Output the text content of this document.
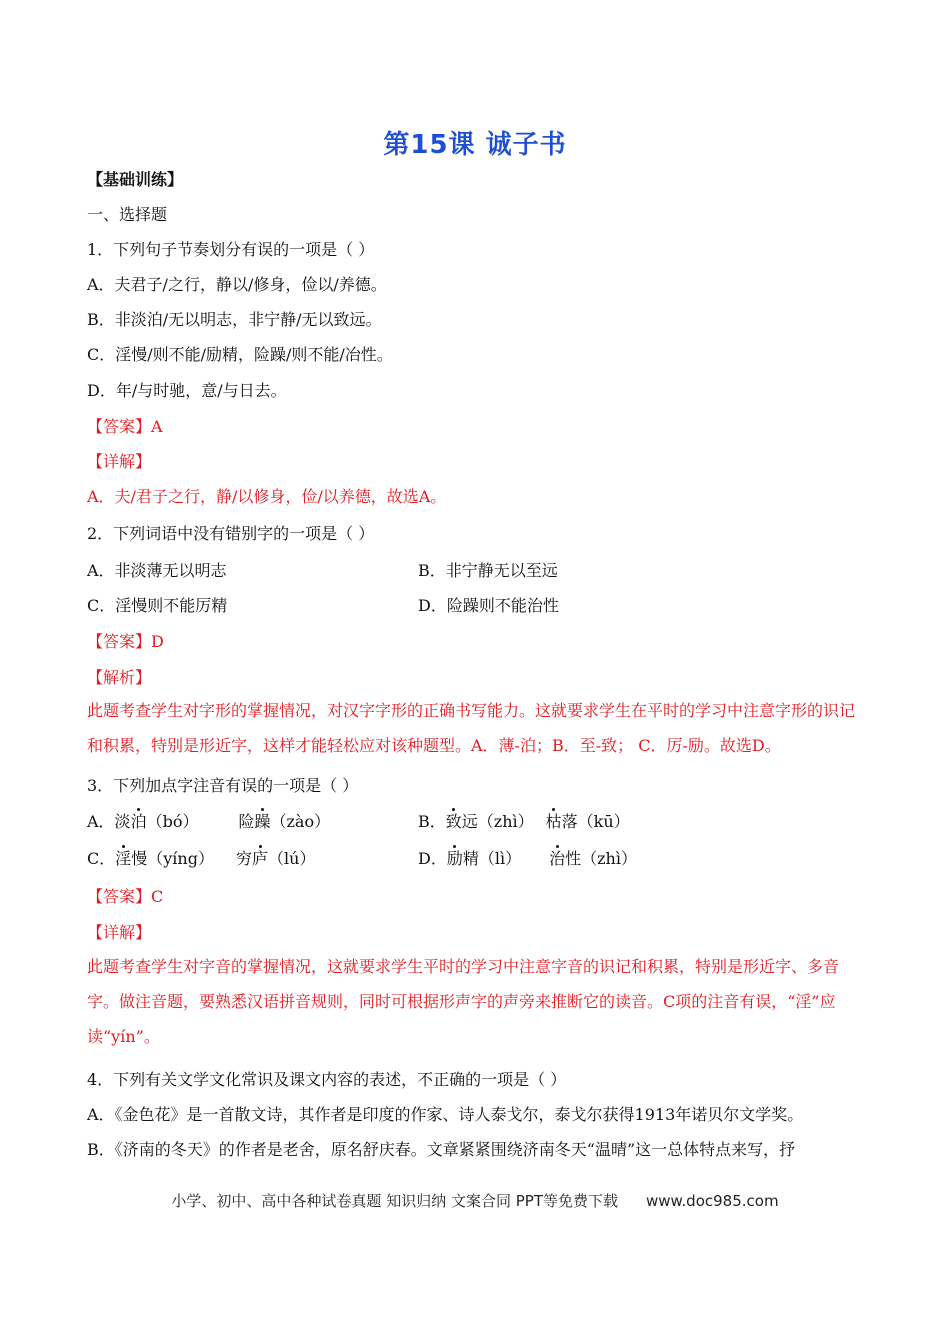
第15课 诚子书
【基础训练】
一、选择题
1．下列句子节奏划分有误的一项是（ ）
A．夫君子/之行，静以/修身，俭以/养德。
B．非淡泊/无以明志，非宁静/无以致远。
C．淫慢/则不能/励精，险躁/则不能/冶性。
D．年/与时驰，意/与日去。
【答案】A
【详解】
A．夫/君子之行，静/以修身，俭/以养德，故选A。
2．下列词语中没有错别字的一项是（ ）
A．非淡薄无以明志	B．非宁静无以至远
C．淫慢则不能厉精	D．险躁则不能治性
【答案】D
【解析】
此题考查学生对字形的掌握情况，对汉字字形的正确书写能力。这就要求学生在平时的学习中注意字形的识记和积累，特别是形近字，这样才能轻松应对该种题型。A．薄-泊；B．至-致； C．厉-励。故选D。
3．下列加点字注音有误的一项是（ ）
A．淡泊（bó）	险躁（zào）	B．致远（zhì） 枯落（kū）
C．淫慢（yíng） 穷庐（lú）	D．励精（lì） 治性（zhì）
【答案】C
【详解】
此题考查学生对字音的掌握情况，这就要求学生平时的学习中注意字音的识记和积累，特别是形近字、多音字。做注音题，要熟悉汉语拼音规则，同时可根据形声字的声旁来推断它的读音。C项的注音有误，“淫”应读“yín”。
4．下列有关文学文化常识及课文内容的表述，不正确的一项是（ ）
A．《金色花》是一首散文诗，其作者是印度的作家、诗人泰戈尔，泰戈尔获得1913年诺贝尔文学奖。
B．《济南的冬天》的作者是老舍，原名舒庆春。文章紧紧围绕济南冬天“温晴”这一总体特点来写，抒
小学、初中、高中各种试卷真题 知识归纳 文案合同 PPT等免费下载 www.doc985.com
